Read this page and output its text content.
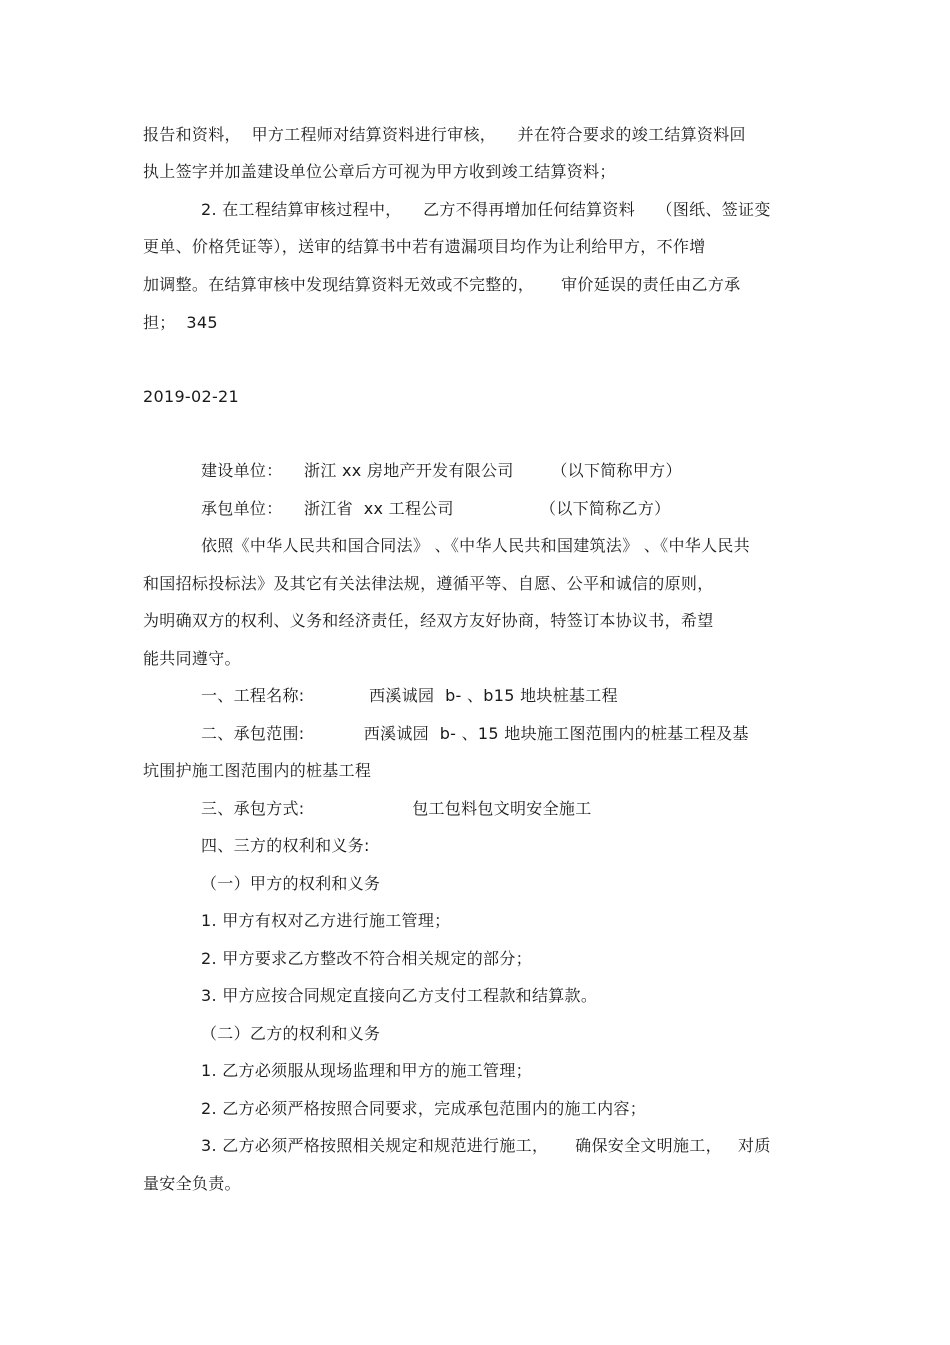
报告和资料，  甲方工程师对结算资料进行审核，    并在符合要求的竣工结算资料回
执上签字并加盖建设单位公章后方可视为甲方收到竣工结算资料；
2. 在工程结算审核过程中，    乙方不得再增加任何结算资料    （图纸、签证变
更单、价格凭证等），送审的结算书中若有遗漏项目均作为让利给甲方，不作增
加调整。在结算审核中发现结算资料无效或不完整的，     审价延误的责任由乙方承
担；  345
2019-02-21
建设单位：    浙江 xx 房地产开发有限公司       （以下简称甲方）
承包单位：    浙江省  xx 工程公司                （以下简称乙方）
依照《中华人民共和国合同法》 、《中华人民共和国建筑法》 、《中华人民共
和国招标投标法》及其它有关法律法规，遵循平等、自愿、公平和诚信的原则，
为明确双方的权利、义务和经济责任，经双方友好协商，特签订本协议书，希望
能共同遵守。
一、工程名称:            西溪诚园  b- 、b15 地块桩基工程
二、承包范围:           西溪诚园  b- 、15 地块施工图范围内的桩基工程及基
坑围护施工图范围内的桩基工程
三、承包方式:                    包工包料包文明安全施工
四、三方的权利和义务:
（一）甲方的权利和义务
1. 甲方有权对乙方进行施工管理；
2. 甲方要求乙方整改不符合相关规定的部分；
3. 甲方应按合同规定直接向乙方支付工程款和结算款。
（二）乙方的权利和义务
1. 乙方必须服从现场监理和甲方的施工管理；
2. 乙方必须严格按照合同要求，完成承包范围内的施工内容；
3. 乙方必须严格按照相关规定和规范进行施工，     确保安全文明施工，   对质
量安全负责。
